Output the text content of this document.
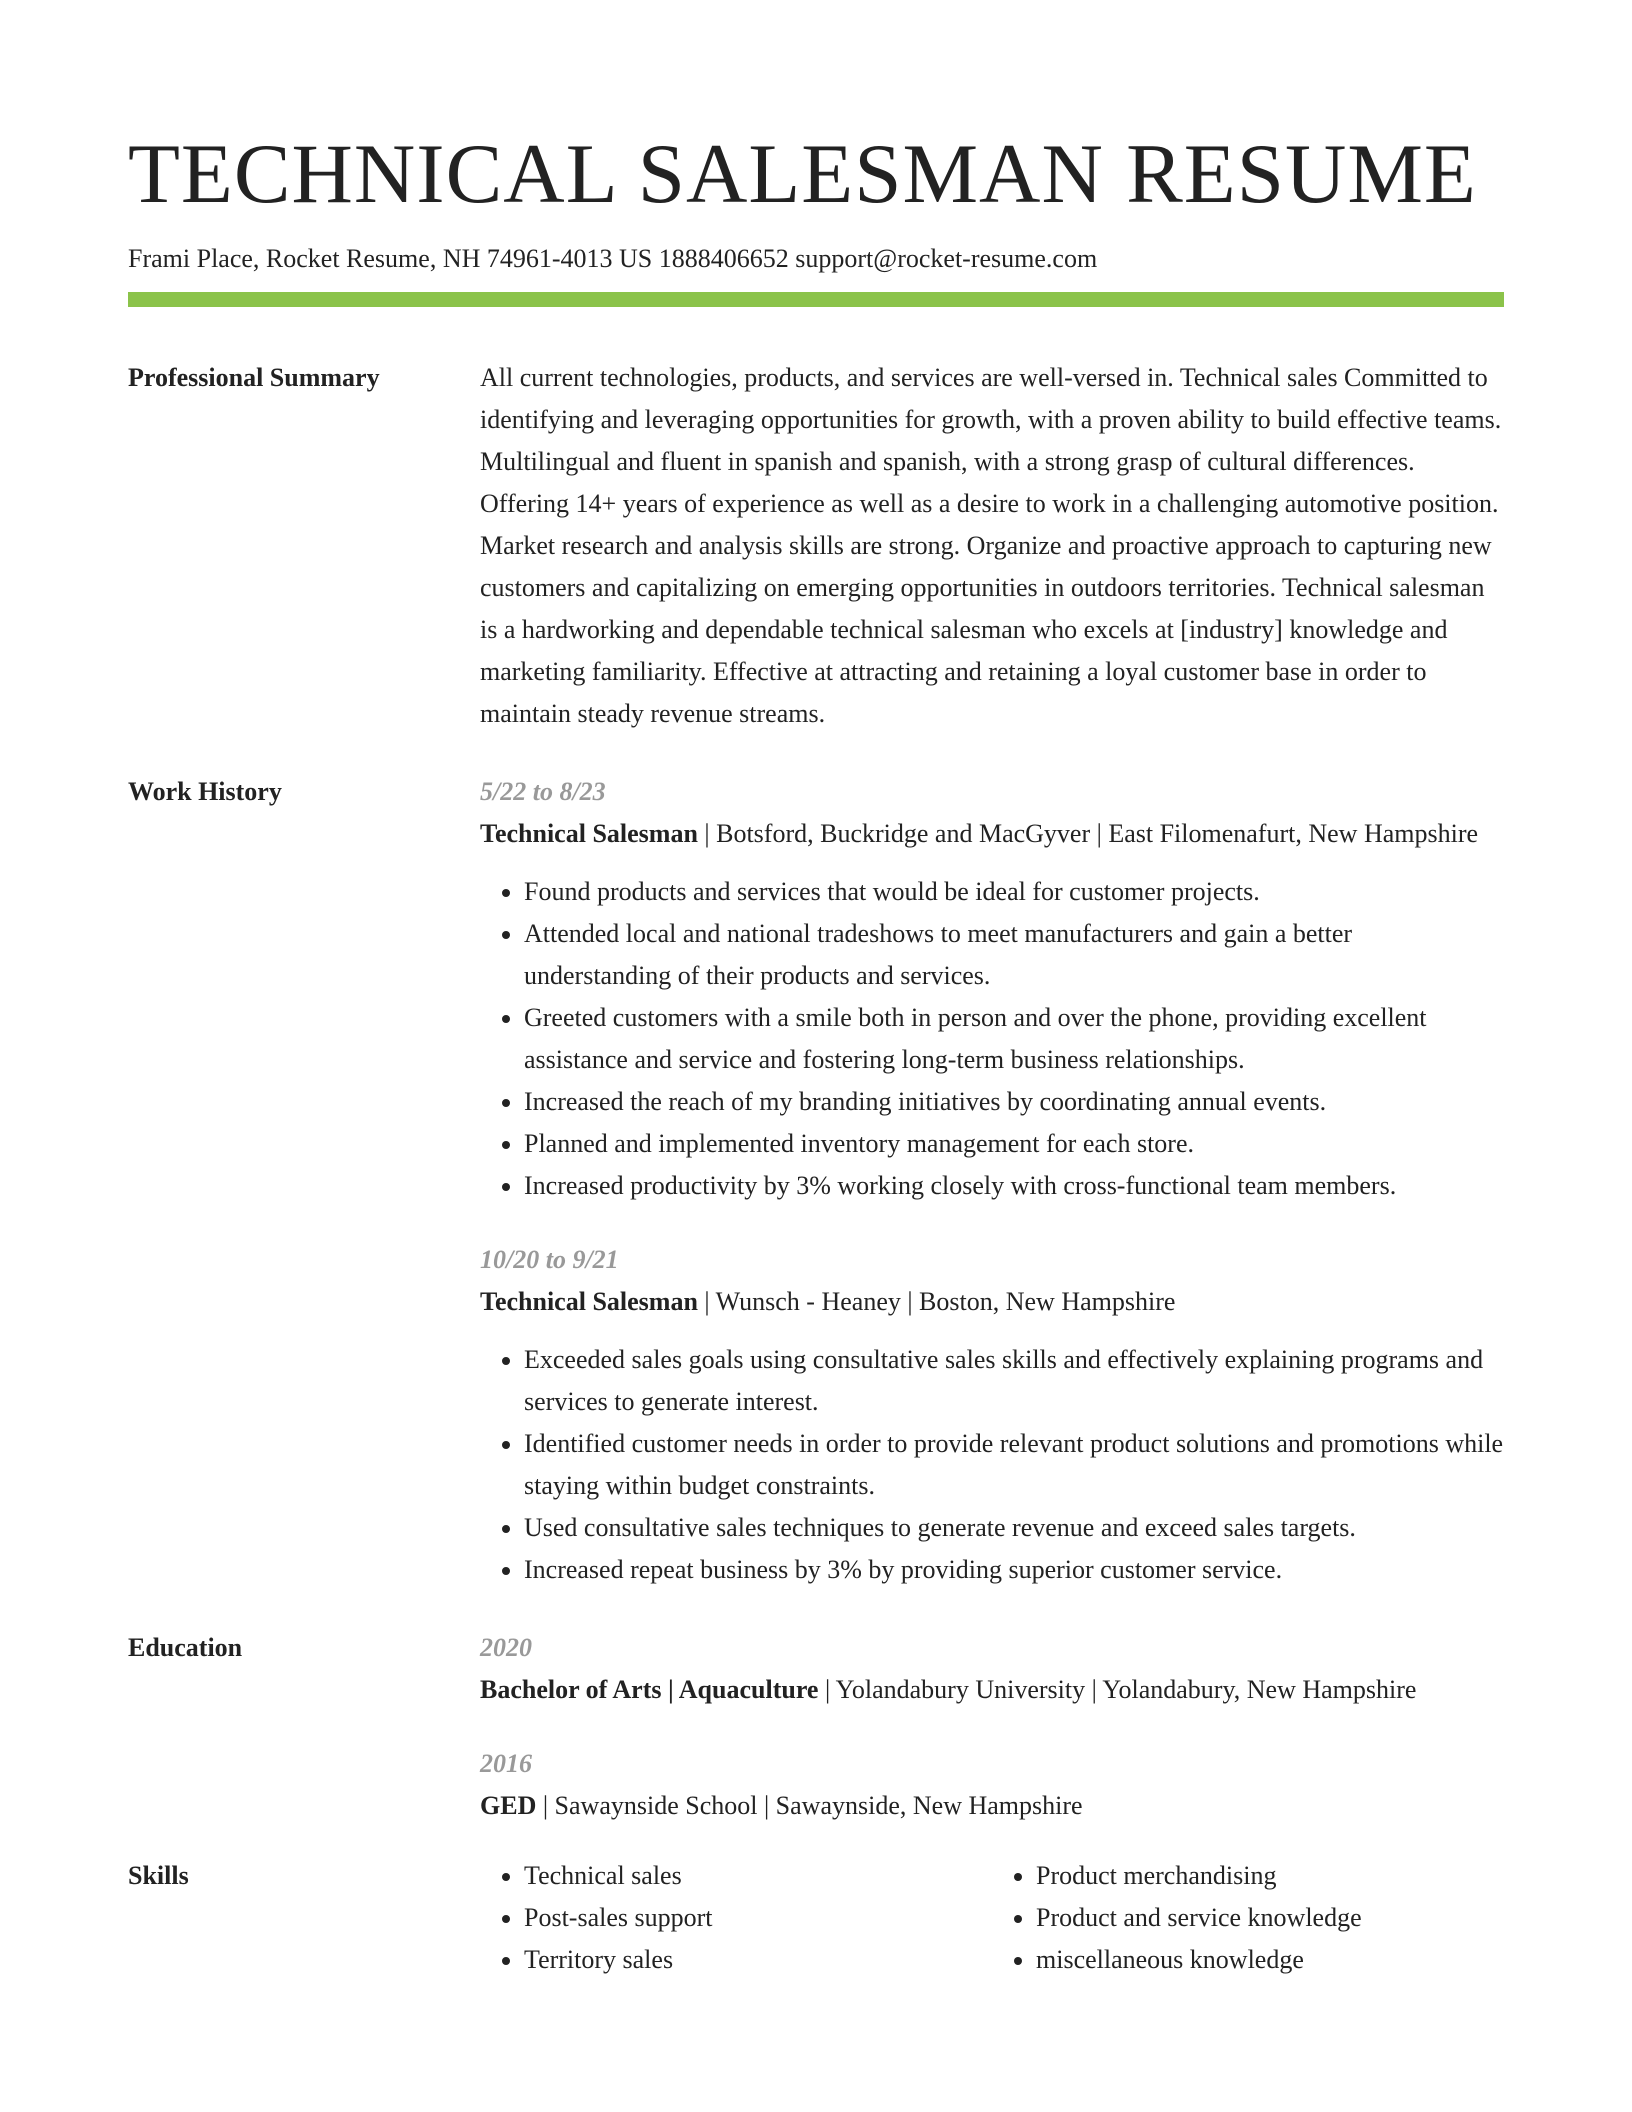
TECHNICAL SALESMAN RESUME
Frami Place, Rocket Resume, NH 74961-4013 US 1888406652 support@rocket-resume.com
Professional Summary	All current technologies, products, and services are well-versed in. Technical sales Committed to identifying and leveraging opportunities for growth, with a proven ability to build effective teams. Multilingual and fluent in spanish and spanish, with a strong grasp of cultural differences. Offering 14+ years of experience as well as a desire to work in a challenging automotive position. Market research and analysis skills are strong. Organize and proactive approach to capturing new customers and capitalizing on emerging opportunities in outdoors territories. Technical salesman is a hardworking and dependable technical salesman who excels at [industry] knowledge and marketing familiarity. Effective at attracting and retaining a loyal customer base in order to maintain steady revenue streams.
Work History	5/22 to 8/23
Technical Salesman | Botsford, Buckridge and MacGyver | East Filomenafurt, New Hampshire
• Found products and services that would be ideal for customer projects.
• Attended local and national tradeshows to meet manufacturers and gain a better understanding of their products and services.
• Greeted customers with a smile both in person and over the phone, providing excellent assistance and service and fostering long-term business relationships.
• Increased the reach of my branding initiatives by coordinating annual events.
• Planned and implemented inventory management for each store.
• Increased productivity by 3% working closely with cross-functional team members.
10/20 to 9/21
Technical Salesman | Wunsch - Heaney | Boston, New Hampshire
• Exceeded sales goals using consultative sales skills and effectively explaining programs and services to generate interest.
• Identified customer needs in order to provide relevant product solutions and promotions while staying within budget constraints.
• Used consultative sales techniques to generate revenue and exceed sales targets.
• Increased repeat business by 3% by providing superior customer service.
Education	2020
Bachelor of Arts | Aquaculture | Yolandabury University | Yolandabury, New Hampshire
2016
GED | Sawaynside School | Sawaynside, New Hampshire
Skills
•	Technical sales
• Post-sales support
• Territory sales
• Product merchandising
• Product and service knowledge
• miscellaneous knowledge
